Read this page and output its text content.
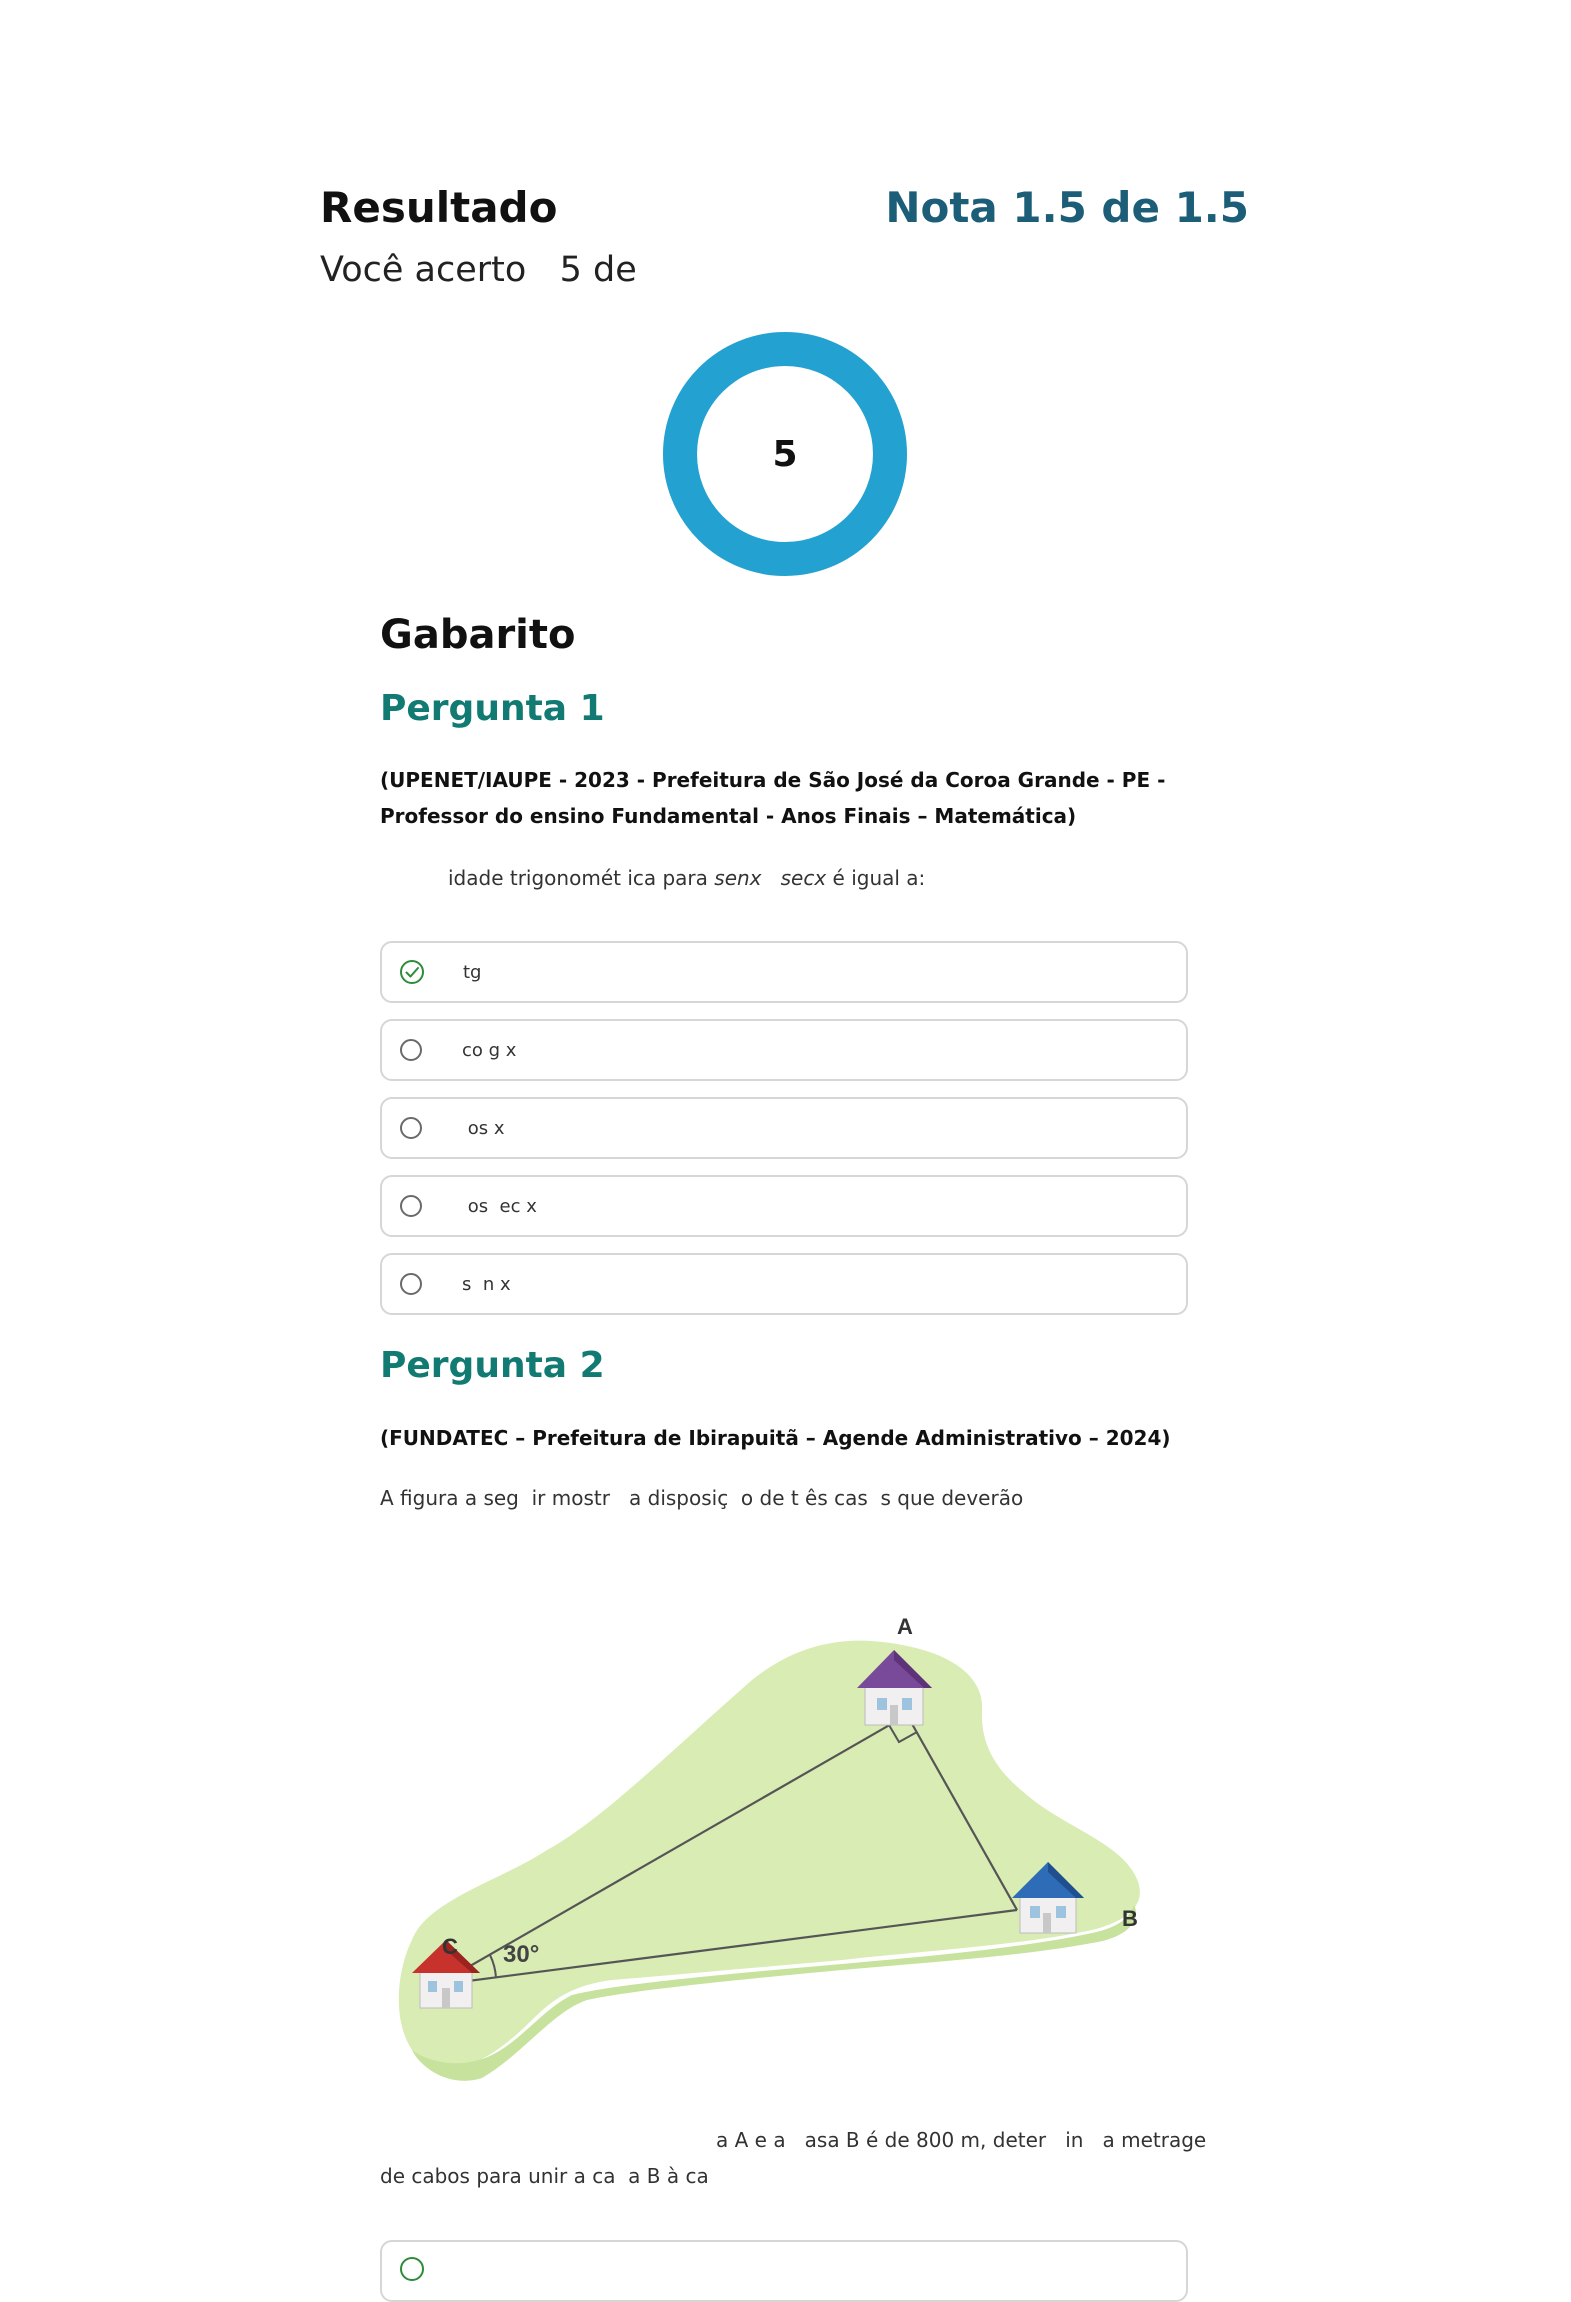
Resultado	Nota 1.5 de 1.5
Você acerto   5 de
5
Gabarito
Pergunta 1
(UPENET/IAUPE - 2023 - Prefeitura de São José da Coroa Grande - PE - Professor do ensino Fundamental - Anos Finais – Matemática)
idade trigonomét ica para senx secx é igual a:
tg
co g x
os x
os  ec x
s  n x
Pergunta 2
(FUNDATEC – Prefeitura de Ibirapuitã – Agende Administrativo – 2024)
A figura a seg  ir mostr   a disposiç  o de t ês cas  s que deverão
A
B
C 30°
a A e a   asa B é de 800 m, deter   in   a metrage
de cabos para unir a ca  a B à ca
